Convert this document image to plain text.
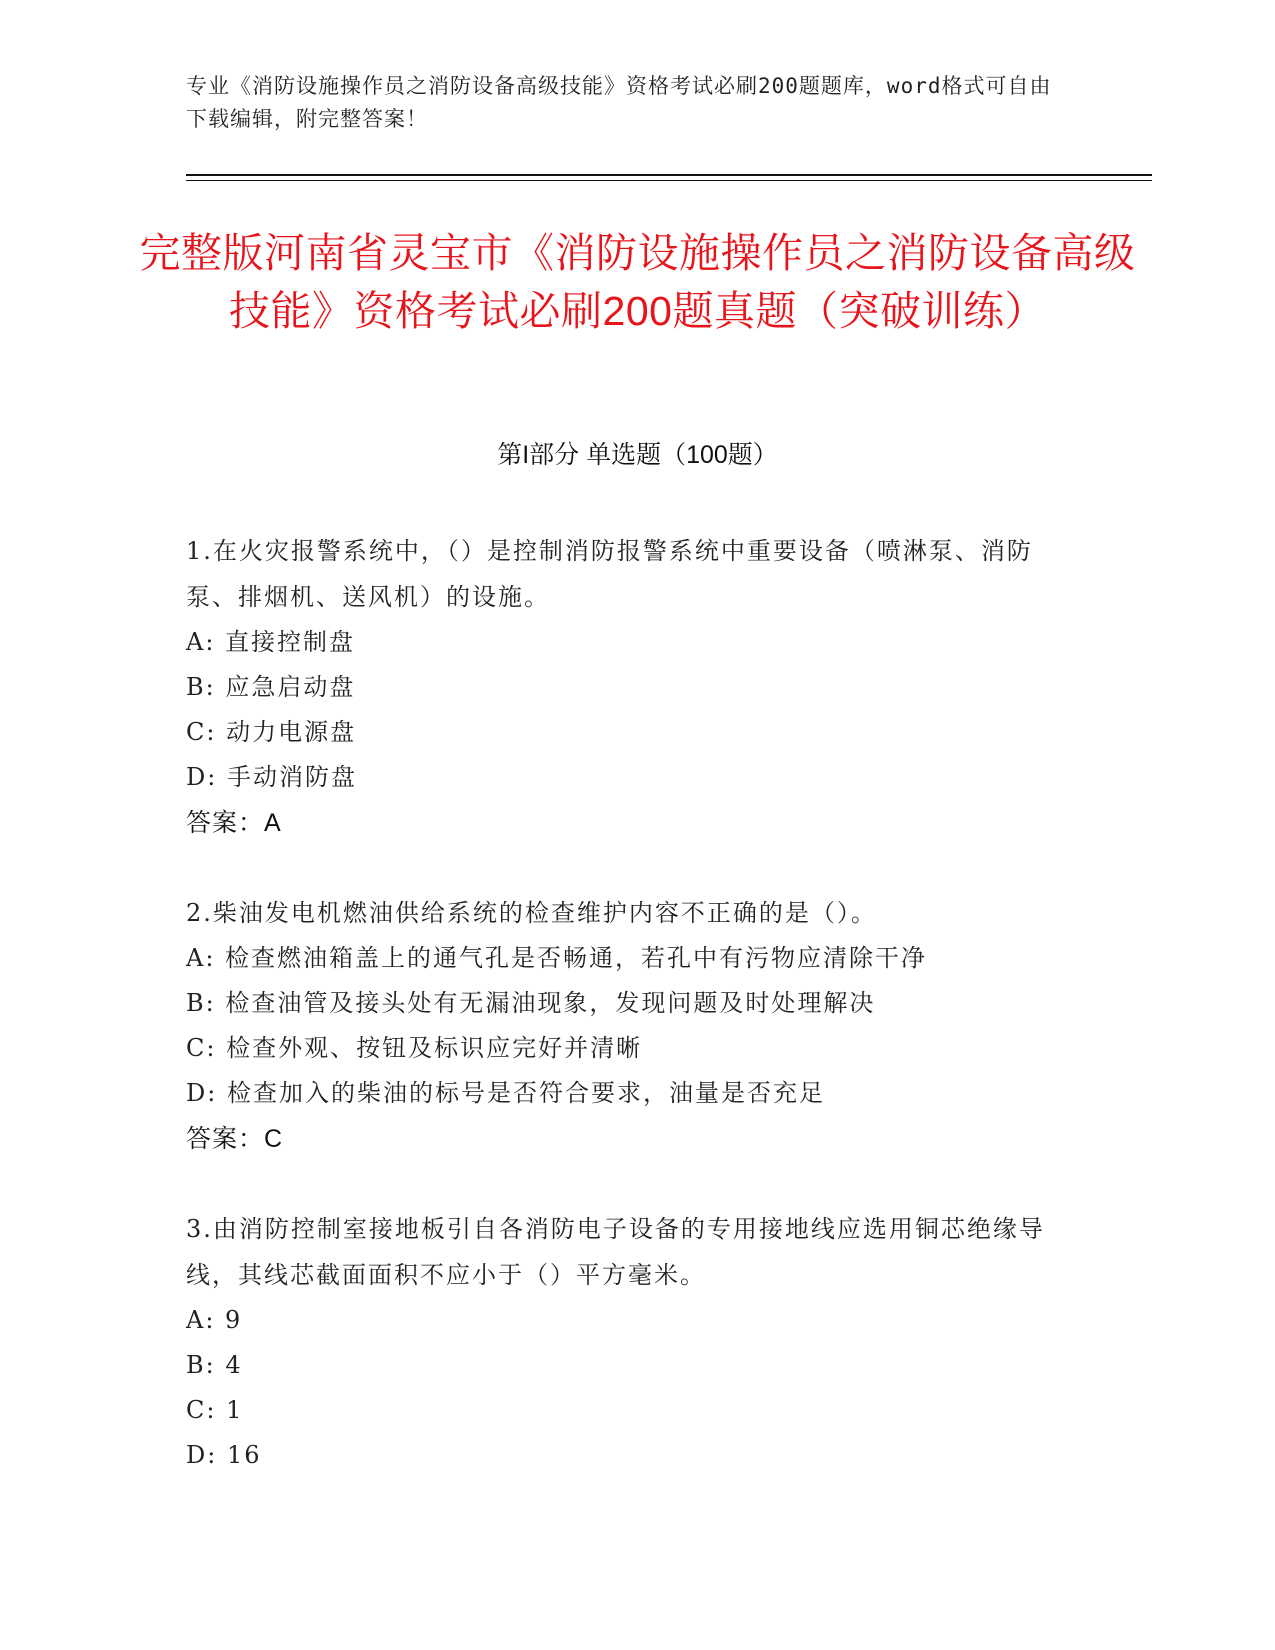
专业《消防设施操作员之消防设备高级技能》资格考试必刷200题题库，word格式可自由下载编辑，附完整答案！
完整版河南省灵宝市《消防设施操作员之消防设备高级技能》资格考试必刷200题真题（突破训练）
第I部分 单选题（100题）
1.在火灾报警系统中，（）是控制消防报警系统中重要设备（喷淋泵、消防泵、排烟机、送风机）的设施。
A: 直接控制盘
B: 应急启动盘
C: 动力电源盘
D: 手动消防盘
答案：A
2.柴油发电机燃油供给系统的检查维护内容不正确的是（）。
A: 检查燃油箱盖上的通气孔是否畅通，若孔中有污物应清除干净
B: 检查油管及接头处有无漏油现象，发现问题及时处理解决
C: 检查外观、按钮及标识应完好并清晰
D: 检查加入的柴油的标号是否符合要求，油量是否充足
答案：C
3.由消防控制室接地板引自各消防电子设备的专用接地线应选用铜芯绝缘导线，其线芯截面面积不应小于（）平方毫米。
A: 9
B: 4
C: 1
D: 16
